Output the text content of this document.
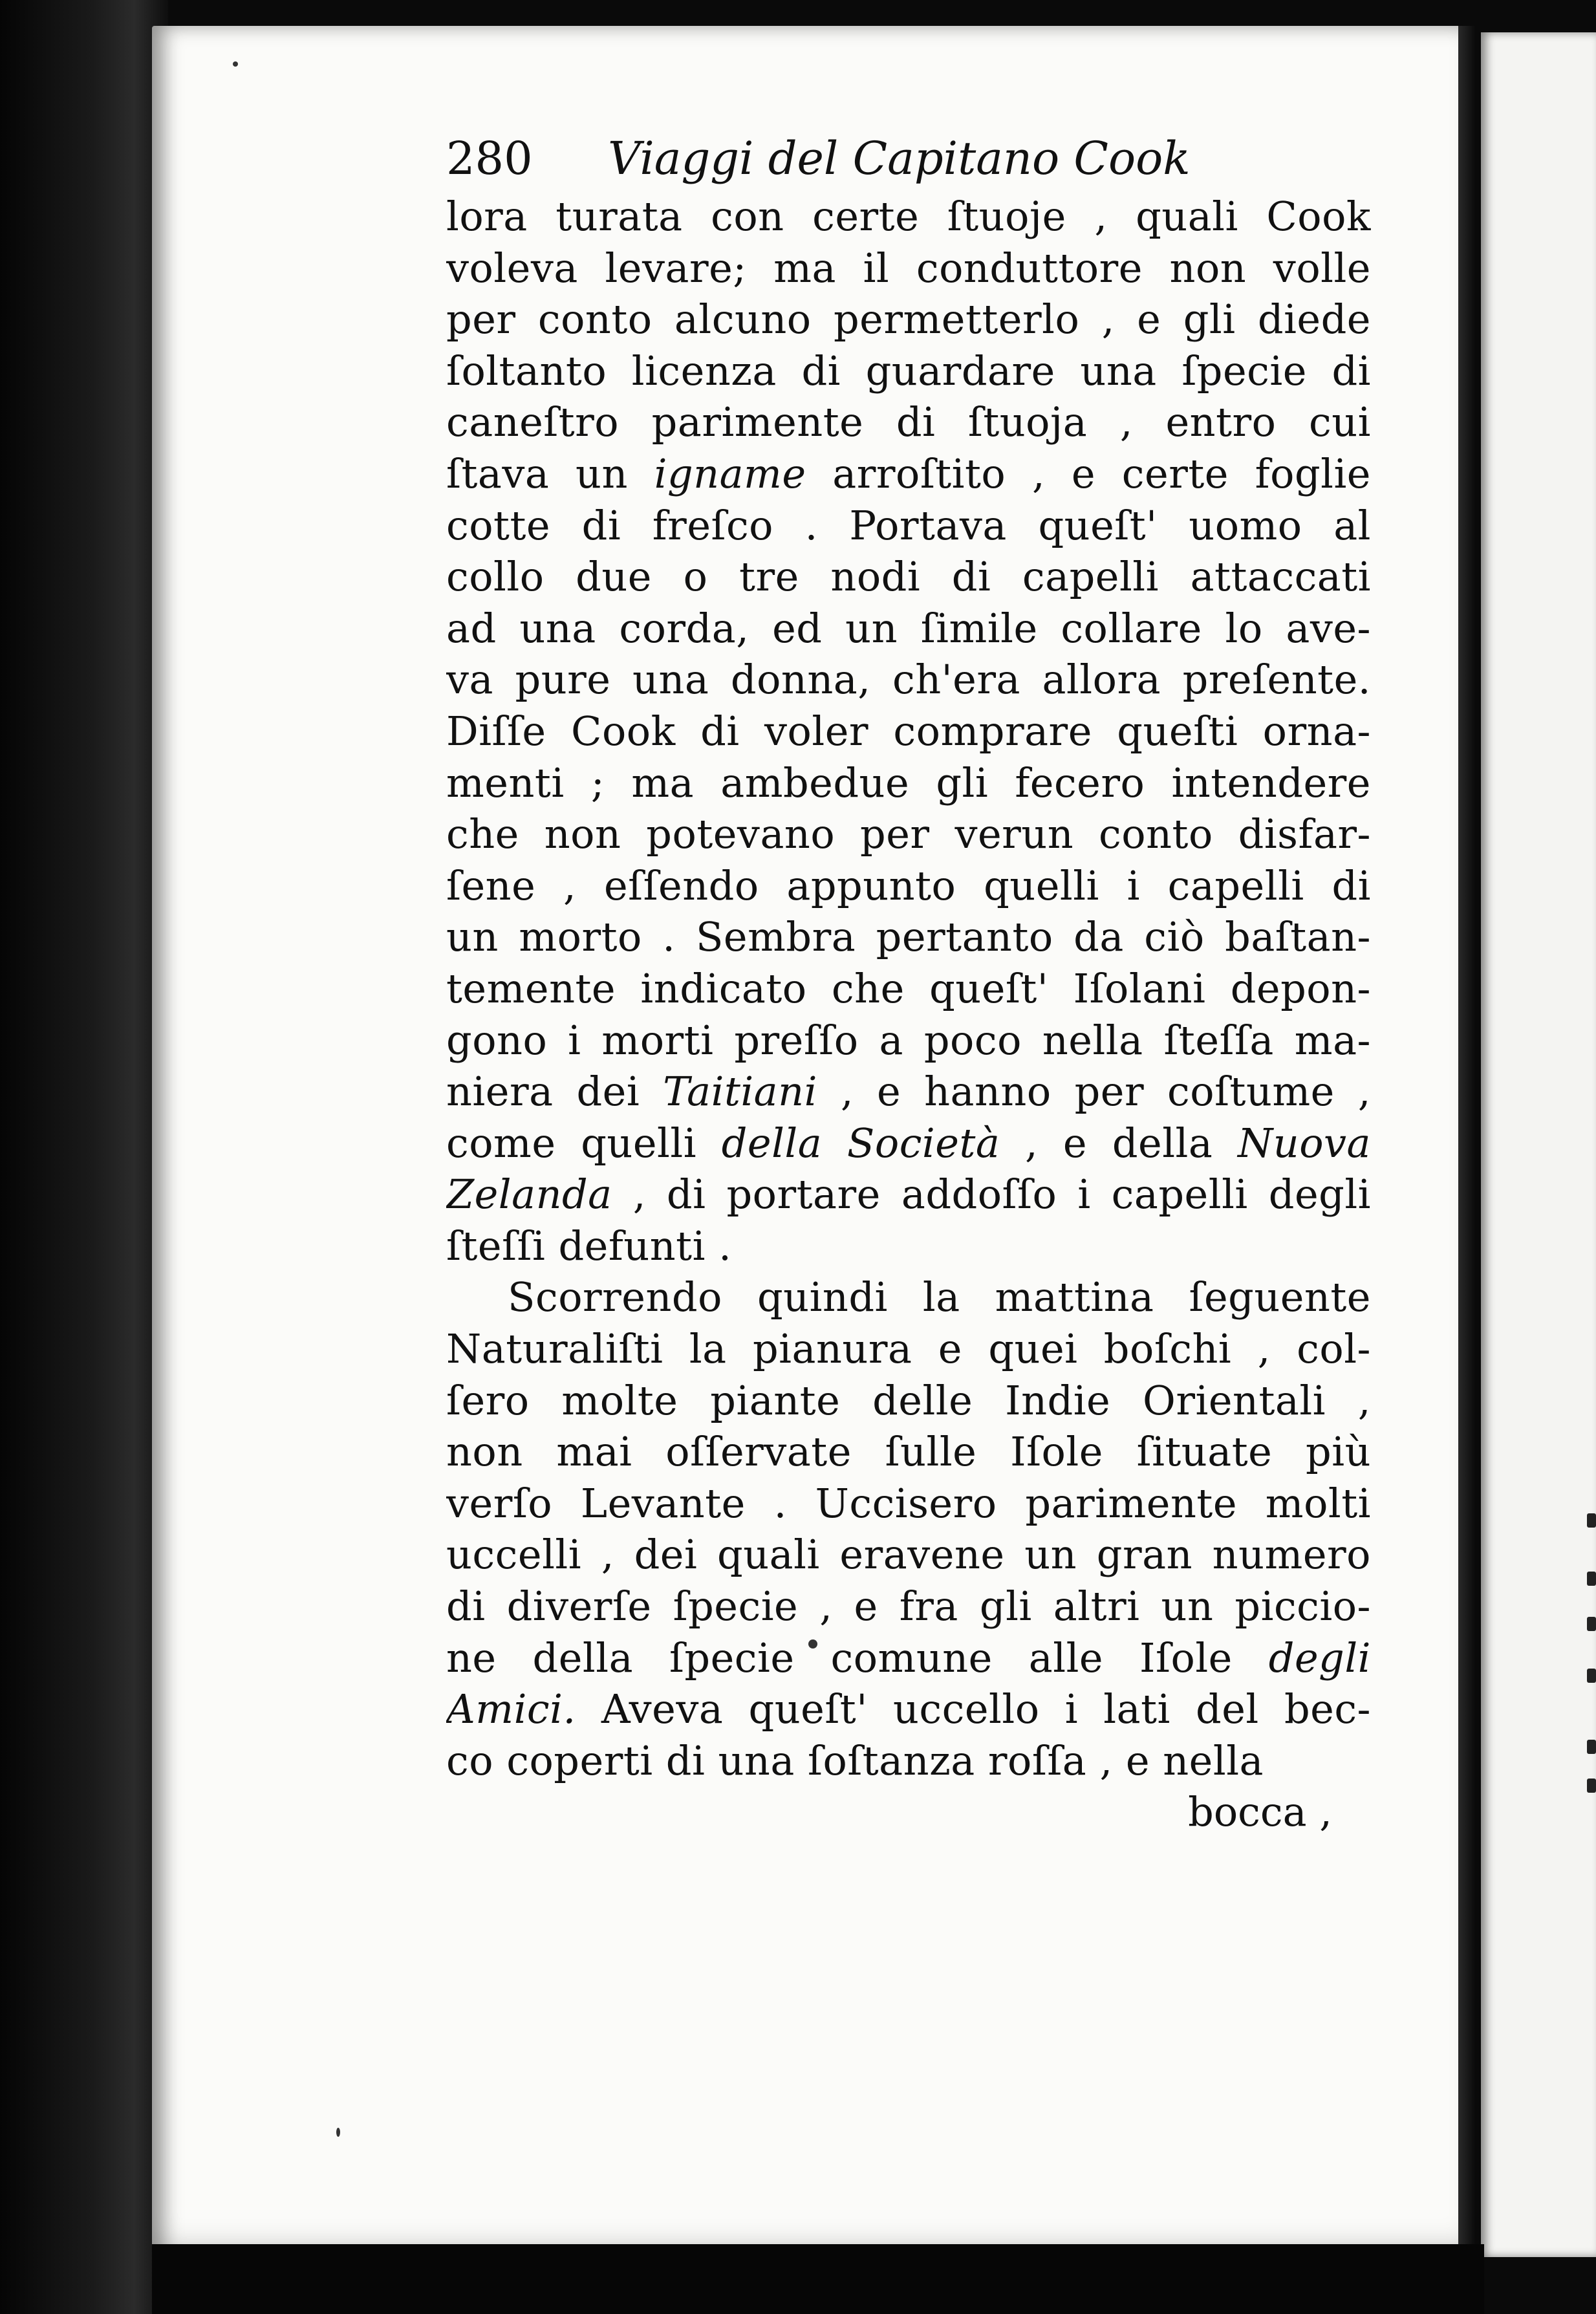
280 Viaggi del Capitano Cook
lora turata con certe ſtuoje , quali Cook
voleva levare; ma il conduttore non volle
per conto alcuno permetterlo , e gli diede
ſoltanto licenza di guardare una ſpecie di
caneſtro parimente di ſtuoja , entro cui
ſtava un igname arroſtito , e certe foglie
cotte di freſco . Portava queſt' uomo al
collo due o tre nodi di capelli attaccati
ad una corda, ed un ſimile collare lo ave-
va pure una donna, ch'era allora preſente.
Diſſe Cook di voler comprare queſti orna-
menti ; ma ambedue gli fecero intendere
che non potevano per verun conto disfar-
ſene , eſſendo appunto quelli i capelli di
un morto . Sembra pertanto da ciò baſtan-
temente indicato che queſt' Iſolani depon-
gono i morti preſſo a poco nella ſteſſa ma-
niera dei Taitiani , e hanno per coſtume ,
come quelli della Società , e della Nuova
Zelanda , di portare addoſſo i capelli degli
ſteſſi defunti .
Scorrendo quindi la mattina ſeguente
Naturaliſti la pianura e quei boſchi , col-
ſero molte piante delle Indie Orientali ,
non mai oſſervate ſulle Iſole ſituate più
verſo Levante . Uccisero parimente molti
uccelli , dei quali eravene un gran numero
di diverſe ſpecie , e fra gli altri un piccio-
ne della ſpecie comune alle Iſole degli
Amici. Aveva queſt' uccello i lati del bec-
co coperti di una ſoſtanza roſſa , e nella
bocca ,
